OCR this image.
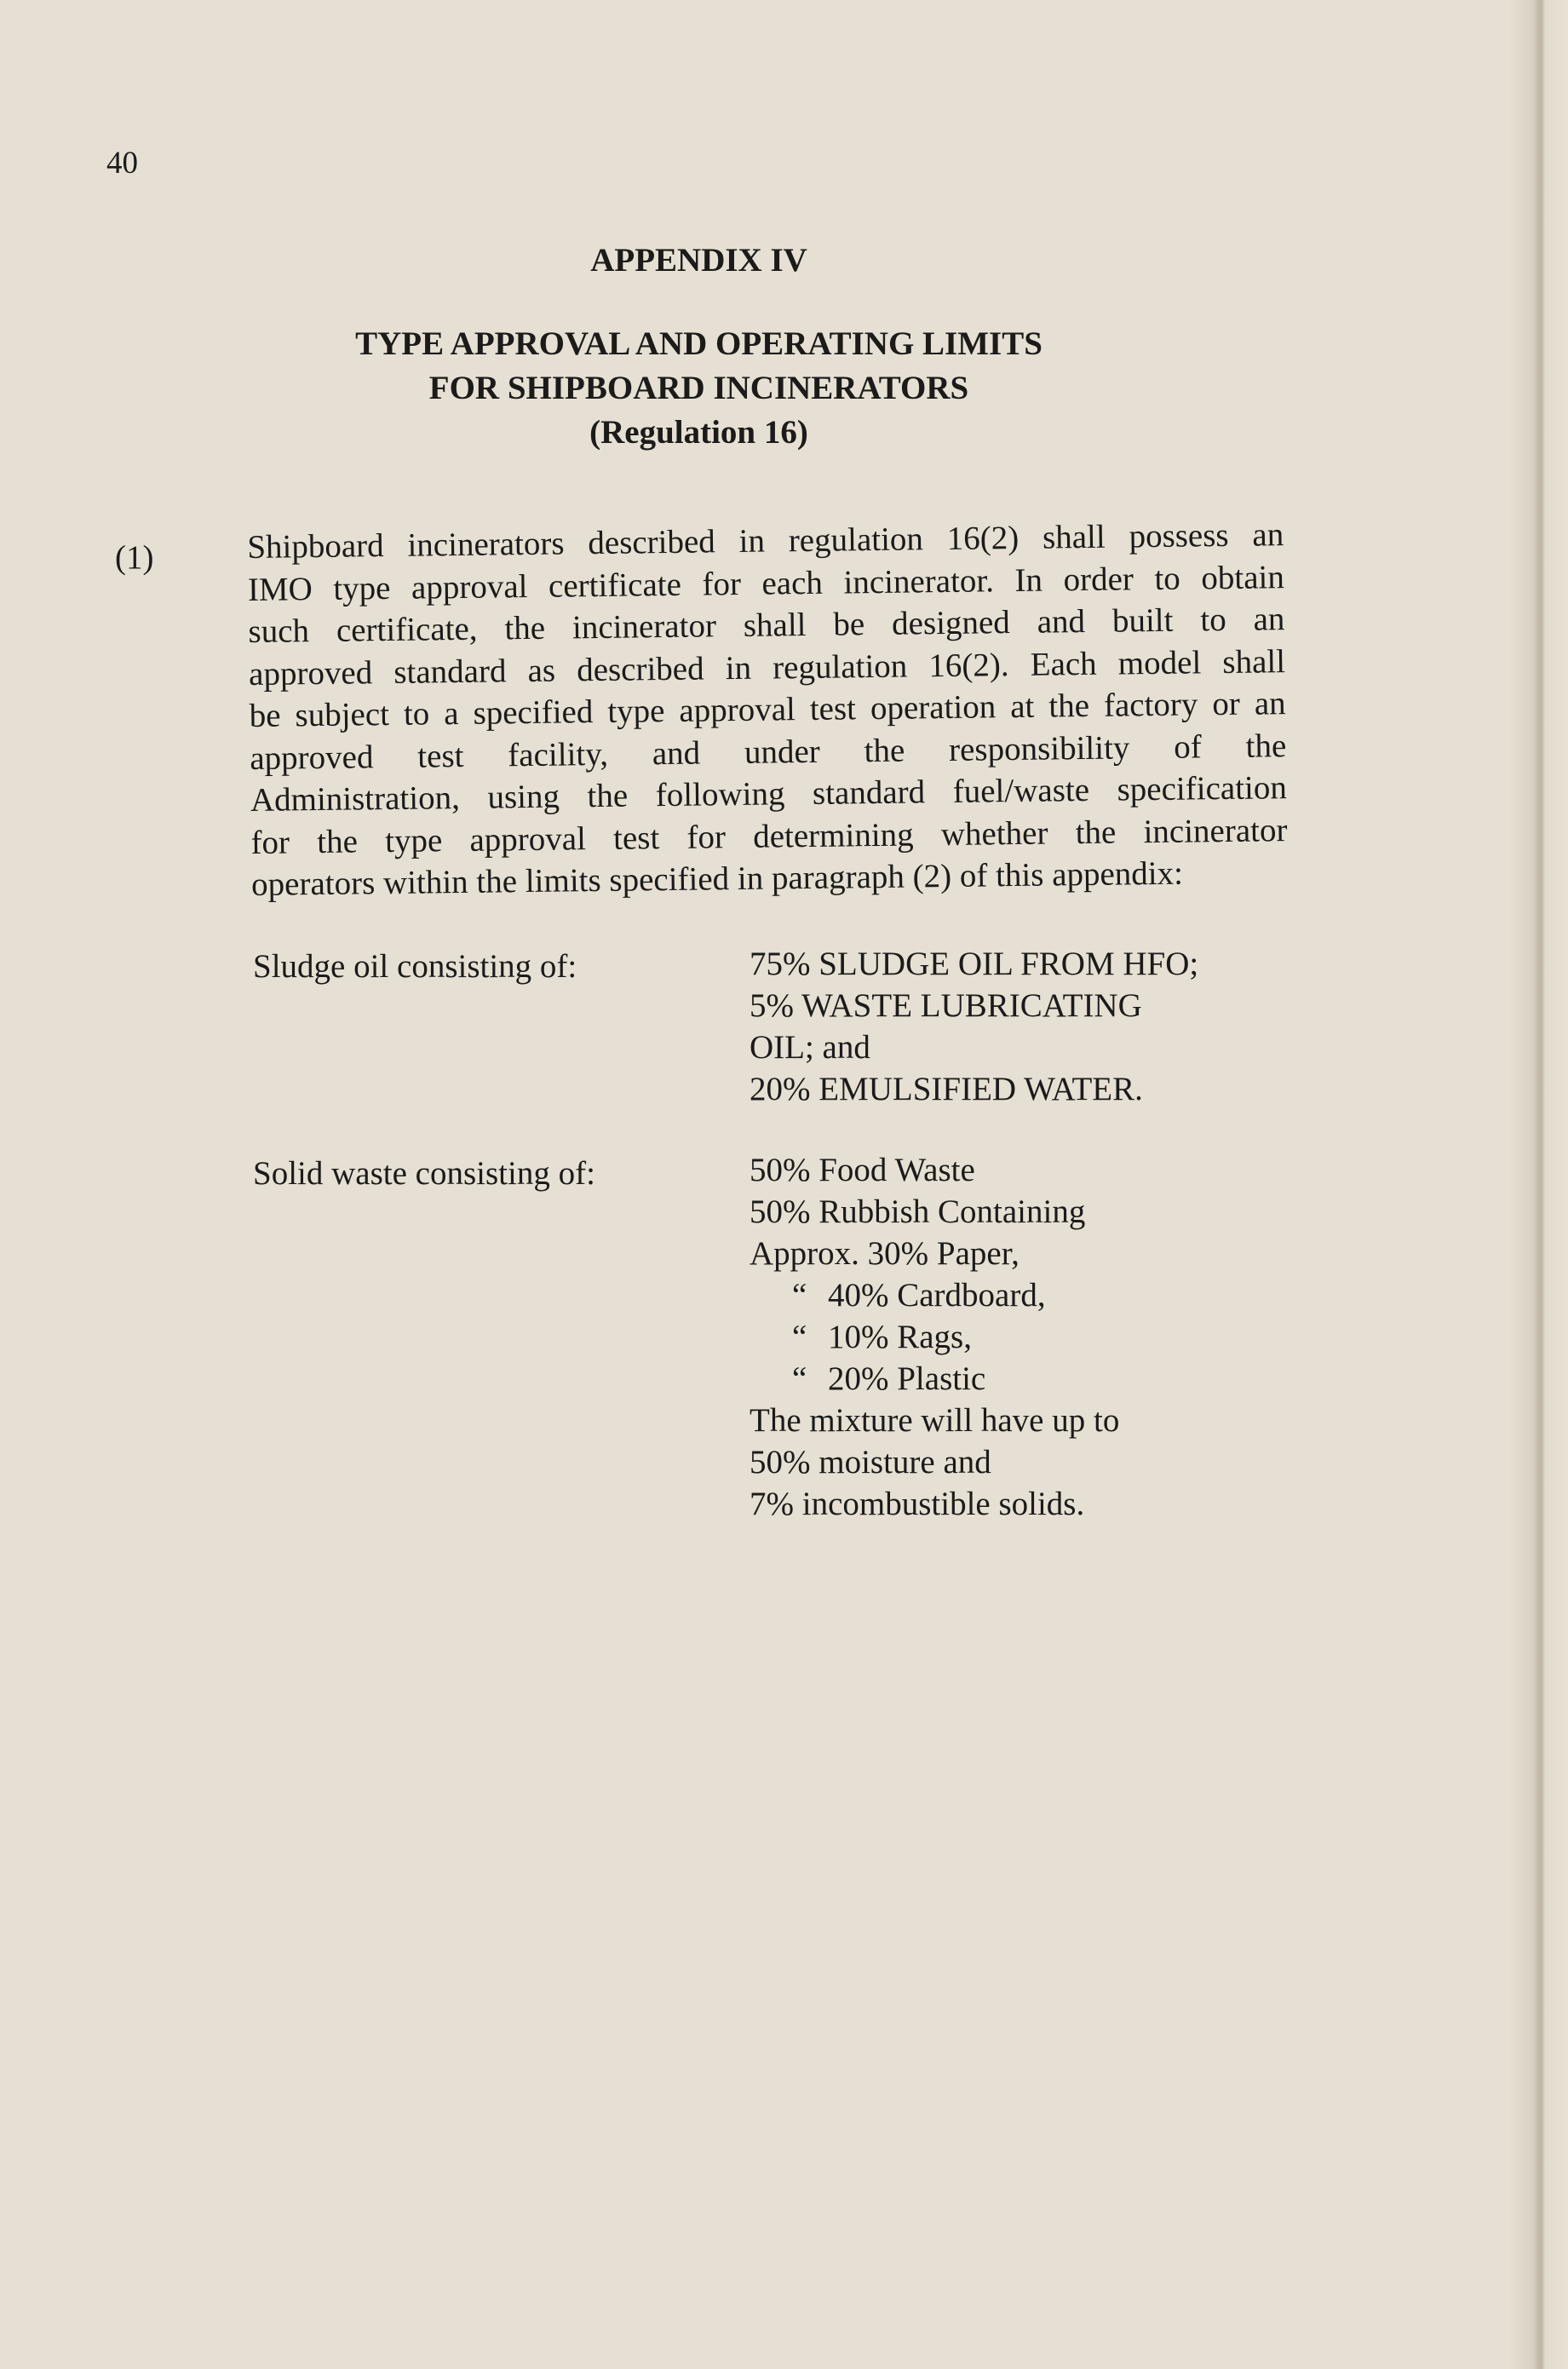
40
APPENDIX IV
TYPE APPROVAL AND OPERATING LIMITS
FOR SHIPBOARD INCINERATORS
(Regulation 16)
(1)	Shipboard incinerators described in regulation 16(2) shall possess an
IMO type approval certificate for each incinerator. In order to obtain
such certificate, the incinerator shall be designed and built to an
approved standard as described in regulation 16(2). Each model shall
be subject to a specified type approval test operation at the factory or an
approved test facility, and under the responsibility of the
Administration, using the following standard fuel/waste specification
for the type approval test for determining whether the incinerator
operators within the limits specified in paragraph (2) of this appendix:
Sludge oil consisting of:	75% SLUDGE OIL FROM HFO;
5% WASTE LUBRICATING
OIL; and
20% EMULSIFIED WATER.
Solid waste consisting of:	50% Food Waste
50% Rubbish Containing
Approx. 30% Paper,
“ 40% Cardboard,
“ 10% Rags,
“ 20% Plastic
The mixture will have up to
50% moisture and
7% incombustible solids.
